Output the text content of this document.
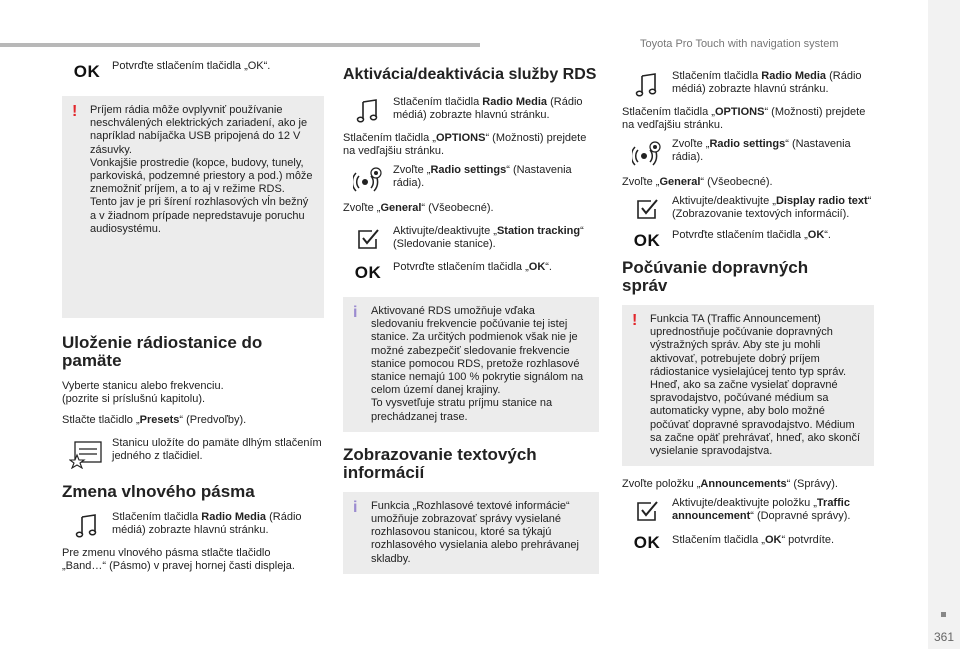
Toyota Pro Touch with navigation system
361
OK Potvrďte stlačením tlačidla „OK“.
!	Príjem rádia môže ovplyvniť používanie neschválených elektrických zariadení, ako je napríklad nabíjačka USB pripojená do 12 V zásuvky.
Vonkajšie prostredie (kopce, budovy, tunely, parkoviská, podzemné priestory a pod.) môže znemožniť príjem, a to aj v režime RDS. Tento jav je pri šírení rozhlasových vĺn bežný a v žiadnom prípade nepredstavuje poruchu audiosystému.
Uloženie rádiostanice do
pamäte
Vyberte stanicu alebo frekvenciu.
(pozrite si príslušnú kapitolu).
Stlačte tlačidlo „Presets“ (Predvoľby).
Stanicu uložíte do pamäte dlhým stlačením jedného z tlačidiel.
Zmena vlnového pásma
Stlačením tlačidla Radio Media (Rádio médiá) zobrazte hlavnú stránku.
Pre zmenu vlnového pásma stlačte tlačidlo
„Band…“ (Pásmo) v pravej hornej časti displeja.
Aktivácia/deaktivácia služby RDS
Stlačením tlačidla Radio Media (Rádio médiá) zobrazte hlavnú stránku.
Stlačením tlačidla „OPTIONS“ (Možnosti) prejdete na vedľajšiu stránku.
Zvoľte „Radio settings“ (Nastavenia rádia).
Zvoľte „General“ (Všeobecné).
Aktivujte/deaktivujte „Station tracking“ (Sledovanie stanice).
OK Potvrďte stlačením tlačidla „OK“.
i	Aktivované RDS umožňuje vďaka sledovaniu frekvencie počúvanie tej istej stanice. Za určitých podmienok však nie je možné zabezpečiť sledovanie frekvencie stanice pomocou RDS, pretože rozhlasové stanice nemajú 100 % pokrytie signálom na celom území danej krajiny.
To vysvetľuje stratu príjmu stanice na prechádzanej trase.
Zobrazovanie textových
informácií
i	Funkcia „Rozhlasové textové informácie“ umožňuje zobrazovať správy vysielané rozhlasovou stanicou, ktoré sa týkajú rozhlasového vysielania alebo prehrávanej skladby.
Stlačením tlačidla Radio Media (Rádio médiá) zobrazte hlavnú stránku.
Stlačením tlačidla „OPTIONS“ (Možnosti) prejdete na vedľajšiu stránku.
Zvoľte „Radio settings“ (Nastavenia rádia).
Zvoľte „General“ (Všeobecné).
Aktivujte/deaktivujte „Display radio text“ (Zobrazovanie textových informácií).
OK Potvrďte stlačením tlačidla „OK“.
Počúvanie dopravných
správ
!	Funkcia TA (Traffic Announcement) uprednostňuje počúvanie dopravných výstražných správ. Aby ste ju mohli aktivovať, potrebujete dobrý príjem rádiostanice vysielajúcej tento typ správ. Hneď, ako sa začne vysielať dopravné spravodajstvo, počúvané médium sa automaticky vypne, aby bolo možné počúvať dopravné spravodajstvo. Médium sa začne opäť prehrávať, hneď, ako skončí vysielanie spravodajstva.
Zvoľte položku „Announcements“ (Správy).
Aktivujte/deaktivujte položku „Traffic announcement“ (Dopravné správy).
OK Stlačením tlačidla „OK“ potvrdíte.
